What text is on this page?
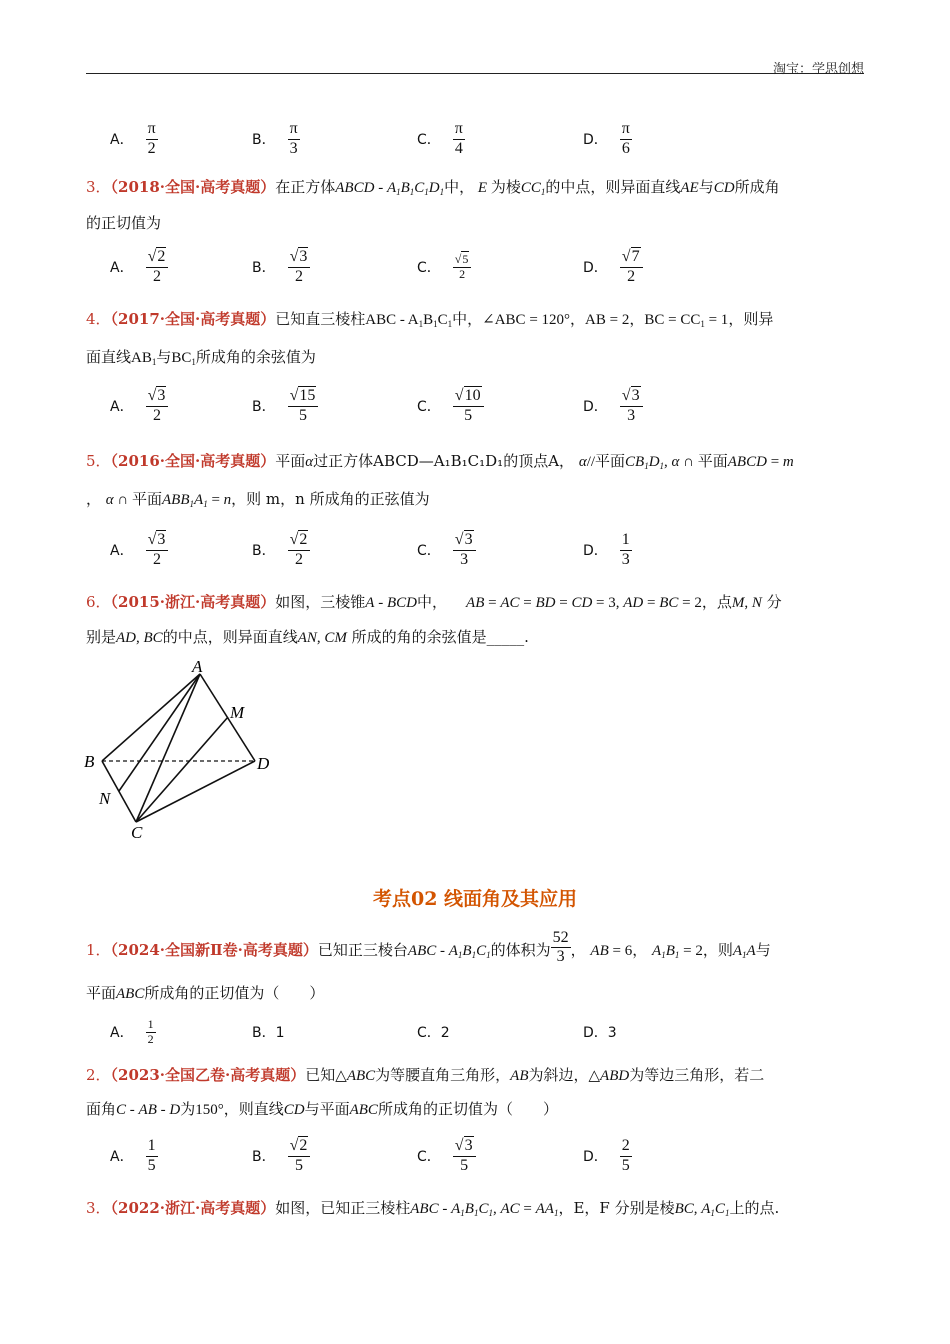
淘宝：学思创想
A． $\frac{\pi}{2}$	B． $\frac{\pi}{3}$	C． $\frac{\pi}{4}$	D． $\frac{\pi}{6}$
3．（2018·全国·高考真题）在正方体ABCD - $A_1B_1C_1D_1$中， E 为棱$CC_1$的中点，则异面直线AE与CD所成角
的正切值为
A． √ $\frac{2}{2}$	B． √ $\frac{3}{2}$	C． √ $\frac{5}{2}$	D． √ $\frac{7}{2}$
4．（2017·全国·高考真题）已知直三棱柱ABC - $A_1B_1C_1$中，∠ABC = 120°，AB = 2，BC = $CC_1 = 1$，则异
面直线$AB_1$与$BC_1$所成角的余弦值为
A． √ $\frac{3}{2}$	B． √ $\frac{15}{5}$	C． √ $\frac{10}{5}$	D． √ $\frac{3}{3}$
5．（2016·全国·高考真题）平面α过正方体ABCD—A₁B₁C₁D₁的顶点A， α//平面$CB_1D_1$, α ∩ 平面ABCD = m
， α ∩ 平面$ABB_1A_1 = n$，则 m，n 所成角的正弦值为
A． √ $\frac{3}{2}$	B． √ $\frac{2}{2}$	C． √ $\frac{3}{3}$	D． $\frac{1}{3}$
6．（2015·浙江·高考真题）如图，三棱锥A - BCD中， AB = AC = BD = CD = 3, AD = BC = 2，点M, N 分
别是AD, BC的中点，则异面直线AN, CM 所成的角的余弦值是_____.
A
B
C
D
M
N
考点02 线面角及其应用
1．（2024·全国新Ⅱ卷·高考真题）已知正三棱台ABC - $A_1B_1C_1$的体积为 $\frac{52}{3}$ ， AB = 6， $A_1B_1 = 2$，则$A_1A$与
平面ABC所成角的正切值为（　　）
A． $\frac{1}{2}$	B．1	C．2	D．3
2．（2023·全国乙卷·高考真题）已知△ABC为等腰直角三角形，AB为斜边，△ABD为等边三角形，若二
面角C - AB - D为150°，则直线CD与平面ABC所成角的正切值为（　　）
A． $\frac{1}{5}$	B． √ $\frac{2}{5}$	C． √ $\frac{3}{5}$	D． $\frac{2}{5}$
3．（2022·浙江·高考真题）如图，已知正三棱柱ABC - $A_1B_1C_1$, AC = $AA_1$，E，F 分别是棱BC, $A_1C_1$上的点.
